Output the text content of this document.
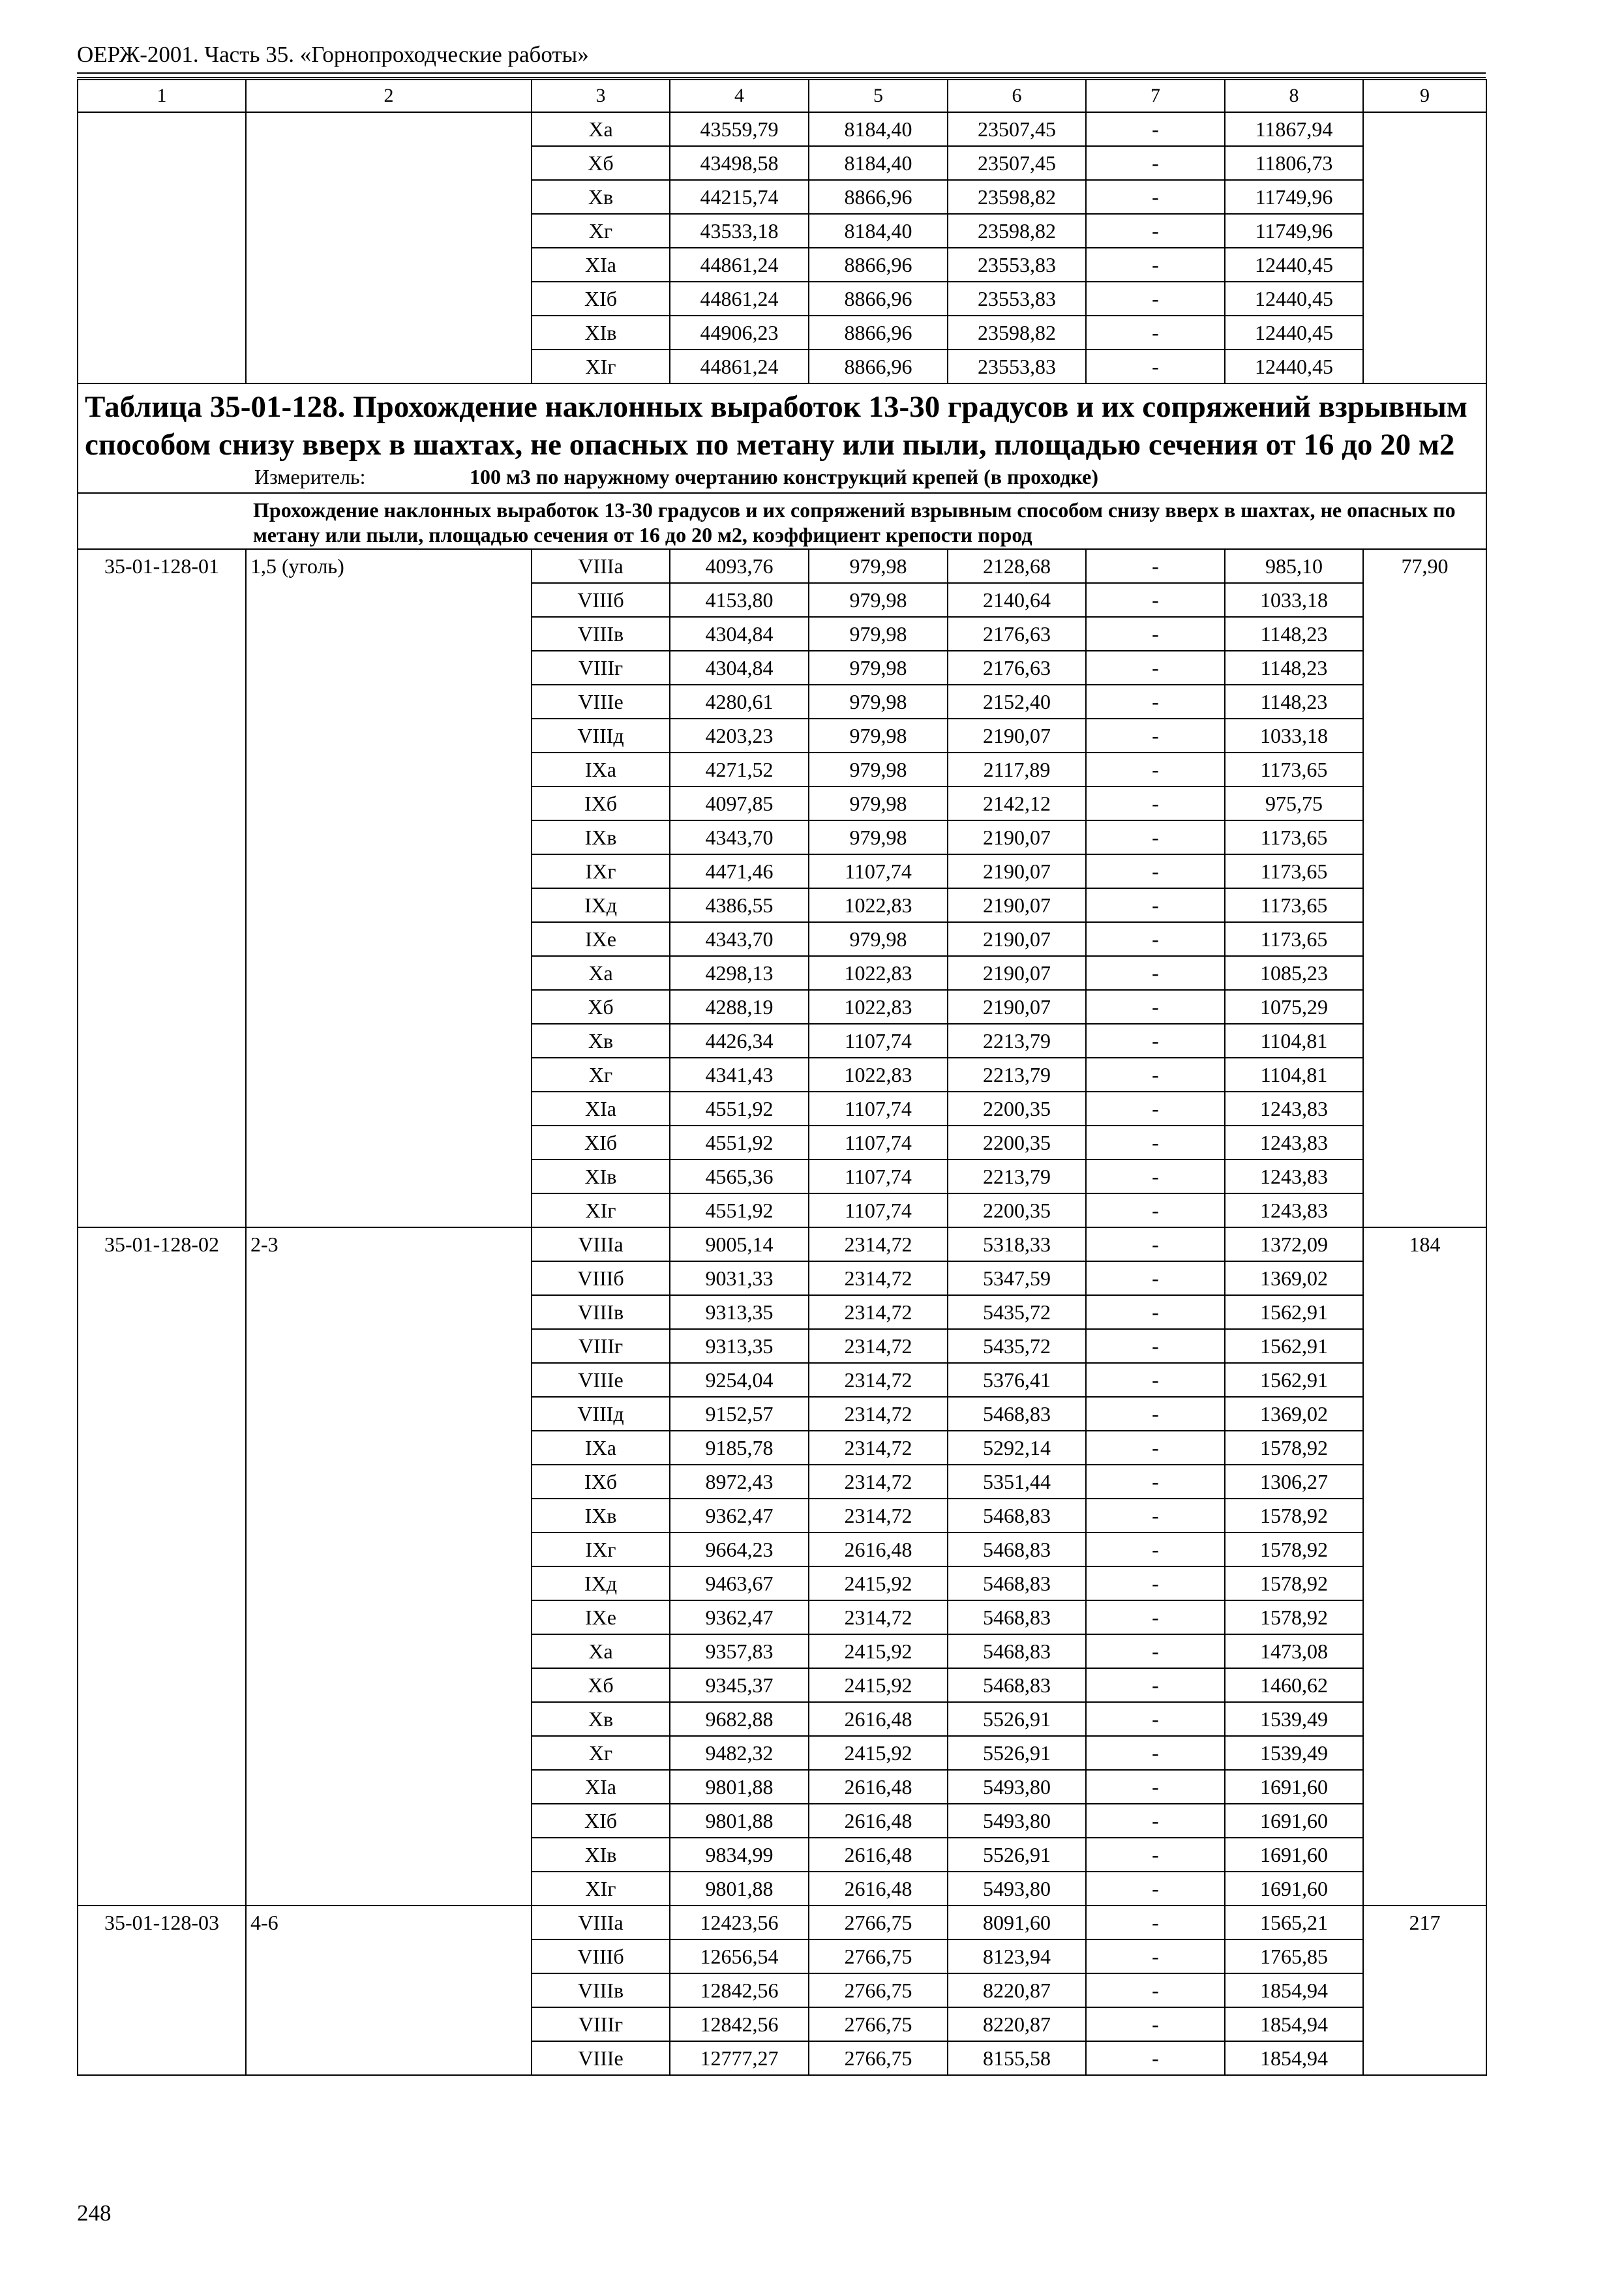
ОЕРЖ-2001. Часть 35. «Горнопроходческие работы»
1	2	3	4	5	6	7	8	9
		Xа	43559,79	8184,40	23507,45	-	11867,94	
		Xб	43498,58	8184,40	23507,45	-	11806,73	
		Xв	44215,74	8866,96	23598,82	-	11749,96	
		Xг	43533,18	8184,40	23598,82	-	11749,96	
		XIа	44861,24	8866,96	23553,83	-	12440,45	
		XIб	44861,24	8866,96	23553,83	-	12440,45	
		XIв	44906,23	8866,96	23598,82	-	12440,45	
		XIг	44861,24	8866,96	23553,83	-	12440,45	

Таблица 35-01-128. Прохождение наклонных выработок 13-30 градусов и их сопряжений взрывным способом снизу вверх в шахтах, не опасных по метану или пыли, площадью сечения от 16 до 20 м2
Измеритель: 100 м3 по наружному очертанию конструкций крепей (в проходке)								

Прохождение наклонных выработок 13-30 градусов и их сопряжений взрывным способом снизу вверх в шахтах, не опасных по метану или пыли, площадью сечения от 16 до 20 м2, коэффициент крепости пород								
35-01-128-01	1,5 (уголь)	VIIIа	4093,76	979,98	2128,68	-	985,10	77,90
		VIIIб	4153,80	979,98	2140,64	-	1033,18	
		VIIIв	4304,84	979,98	2176,63	-	1148,23	
		VIIIг	4304,84	979,98	2176,63	-	1148,23	
		VIIIе	4280,61	979,98	2152,40	-	1148,23	
		VIIIд	4203,23	979,98	2190,07	-	1033,18	
		IXа	4271,52	979,98	2117,89	-	1173,65	
		IXб	4097,85	979,98	2142,12	-	975,75	
		IXв	4343,70	979,98	2190,07	-	1173,65	
		IXг	4471,46	1107,74	2190,07	-	1173,65	
		IXд	4386,55	1022,83	2190,07	-	1173,65	
		IXе	4343,70	979,98	2190,07	-	1173,65	
		Xа	4298,13	1022,83	2190,07	-	1085,23	
		Xб	4288,19	1022,83	2190,07	-	1075,29	
		Xв	4426,34	1107,74	2213,79	-	1104,81	
		Xг	4341,43	1022,83	2213,79	-	1104,81	
		XIа	4551,92	1107,74	2200,35	-	1243,83	
		XIб	4551,92	1107,74	2200,35	-	1243,83	
		XIв	4565,36	1107,74	2213,79	-	1243,83	
		XIг	4551,92	1107,74	2200,35	-	1243,83	
35-01-128-02	2-3	VIIIа	9005,14	2314,72	5318,33	-	1372,09	184
		VIIIб	9031,33	2314,72	5347,59	-	1369,02	
		VIIIв	9313,35	2314,72	5435,72	-	1562,91	
		VIIIг	9313,35	2314,72	5435,72	-	1562,91	
		VIIIе	9254,04	2314,72	5376,41	-	1562,91	
		VIIIд	9152,57	2314,72	5468,83	-	1369,02	
		IXа	9185,78	2314,72	5292,14	-	1578,92	
		IXб	8972,43	2314,72	5351,44	-	1306,27	
		IXв	9362,47	2314,72	5468,83	-	1578,92	
		IXг	9664,23	2616,48	5468,83	-	1578,92	
		IXд	9463,67	2415,92	5468,83	-	1578,92	
		IXе	9362,47	2314,72	5468,83	-	1578,92	
		Xа	9357,83	2415,92	5468,83	-	1473,08	
		Xб	9345,37	2415,92	5468,83	-	1460,62	
		Xв	9682,88	2616,48	5526,91	-	1539,49	
		Xг	9482,32	2415,92	5526,91	-	1539,49	
		XIа	9801,88	2616,48	5493,80	-	1691,60	
		XIб	9801,88	2616,48	5493,80	-	1691,60	
		XIв	9834,99	2616,48	5526,91	-	1691,60	
		XIг	9801,88	2616,48	5493,80	-	1691,60	
35-01-128-03	4-6	VIIIа	12423,56	2766,75	8091,60	-	1565,21	217
		VIIIб	12656,54	2766,75	8123,94	-	1765,85	
		VIIIв	12842,56	2766,75	8220,87	-	1854,94	
		VIIIг	12842,56	2766,75	8220,87	-	1854,94	
		VIIIе	12777,27	2766,75	8155,58	-	1854,94	
248
